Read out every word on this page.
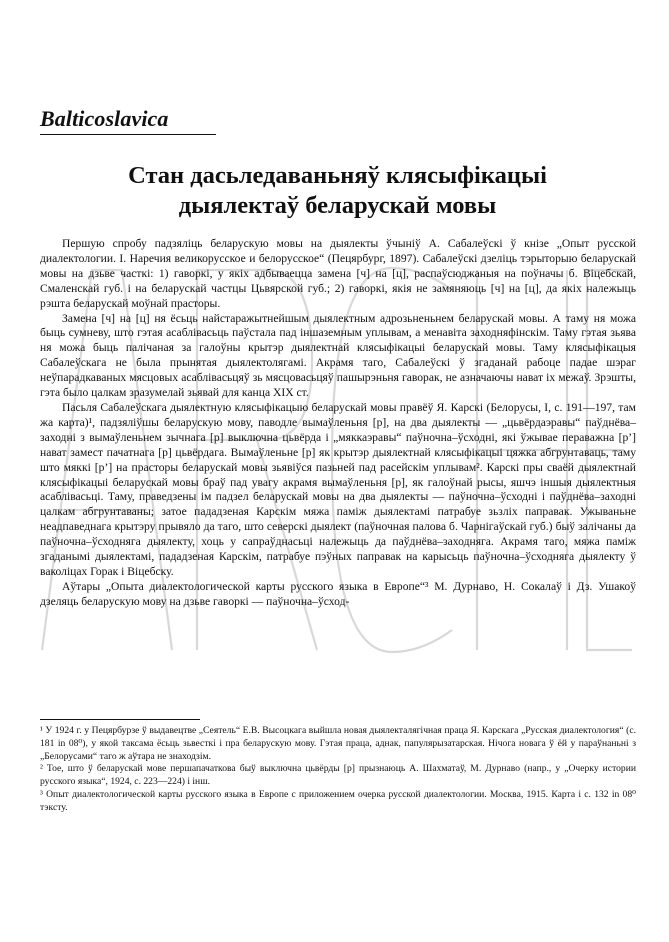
Balticoslavica
Стан дасьледаваньняў клясыфікацыі
дыялектаў беларускай мовы

Першую спробу падзяліць беларускую мовы на дыялекты ўчыніў А. Сабалеўскі ў кнізе „Опыт русской диалектологии. I. Наречия великорусское и белорусское“ (Пецярбург, 1897). Сабалеўскі дзеліць тэрыторыю беларускай мовы на дзьве часткі: 1) гаворкі, у якіх адбываецца замена [ч] на [ц], распаўсюджаныя на поўначы б. Віцебскай, Смаленскай губ. і на беларускай частцы Цьвярской губ.; 2) гаворкі, якія не замяняюць [ч] на [ц], да якіх належыць рэшта беларускай моўнай прасторы.

Замена [ч] на [ц] ня ёсьць найстаражытнейшым дыялектным адрозьненьнем беларускай мовы. А таму ня можа быць сумневу, што гэтая асаблівасьць паўстала пад іншаземным уплывам, а менавіта заходняфінскім. Таму гэтая зьява ня можа быць палічаная за галоўны крытэр дыялектнай клясыфікацыі беларускай мовы. Таму клясыфікацыя Сабалеўскага не была прынятая дыялектолягамі. Акрамя таго, Сабалеўскі ў згаданай рабоце падае шэраг неўпарадкаваных мясцовых асаблівасьцяў зь мясцовасьцяў пашырэньня гаворак, не азначаючы нават іх межаў. Зрэшты, гэта было цалкам зразумелай зьявай для канца XIX ст.

Пасьля Сабалеўскага дыялектную клясыфікацыю беларускай мовы правёў Я. Карскі (Белорусы, I, с. 191—197, там жа карта)¹, падзяліўшы беларускую мову, паводле вымаўленьня [р], на два дыялекты — „цьвёрдаэравы“ паўднёва–заходні з вымаўленьнем зычнага [р] выключна цьвёрда і „мяккаэравы“ паўночна–ўсходні, які ўжывае пераважна [р’] нават замест пачатнага [р] цьвёрдага. Вымаўленьне [р] як крытэр дыялектнай клясыфікацыі цяжка абгрунтаваць, таму што мяккі [р’] на прасторы беларускай мовы зьявіўся пазьней пад расейскім уплывам². Карскі пры сваёй дыялектнай клясыфікацыі беларускай мовы браў пад увагу акрамя вымаўленьня [р], як галоўнай рысы, яшчэ іншыя дыялектныя асаблівасьці. Таму, праведзены ім падзел беларускай мовы на два дыялекты — паўночна–ўсходні і паўднёва–заходні цалкам абгрунтаваны; затое пададзеная Карскім мяжа паміж дыялектамі патрабуе зьзліх паправак. Ужываньне неадпаведнага крытэру прывяло да таго, што северскі дыялект (паўночная палова б. Чарнігаўскай губ.) быў залічаны да паўночна–ўсходняга дыялекту, хоць у сапраўднасьці належыць да паўднёва–заходняга. Акрамя таго, мяжа паміж згаданымі дыялектамі, пададзеная Карскім, патрабуе пэўных паправак на карысьць паўночна–ўсходняга дыялекту ў ваколіцах Горак і Віцебску.

Аўтары „Опыта диалектологической карты русского языка в Европе“³ М. Дурнаво, Н. Сокалаў і Дз. Ушакоў дзеляць беларускую мову на дзьве гаворкі — паўночна–ўсход-

¹ У 1924 г. у Пецярбурзе ў выдавецтве „Сеятель“ Е.В. Высоцкага выйшла новая дыялекталягічная праца Я. Карскага „Русская диалектология“ (с. 181 in 08⁰), у якой таксама ёсьць зьвесткі і пра беларускую мову. Гэтая праца, аднак, папулярызатарская. Нічога новага ў ёй у параўнаньні з „Белорусами“ таго ж аўтара не знаходзім.

² Тое, што ў беларускай мове першапачаткова быў выключна цьвёрды [р] прызнаюць А. Шахматаў, М. Дурнаво (напр., у „Очерку истории русского языка“, 1924, с. 223—224) і інш.

³ Опыт диалектологической карты русского языка в Европе с приложением очерка русской диалектологии. Москва, 1915. Карта і с. 132 in 08⁰ тэксту.
